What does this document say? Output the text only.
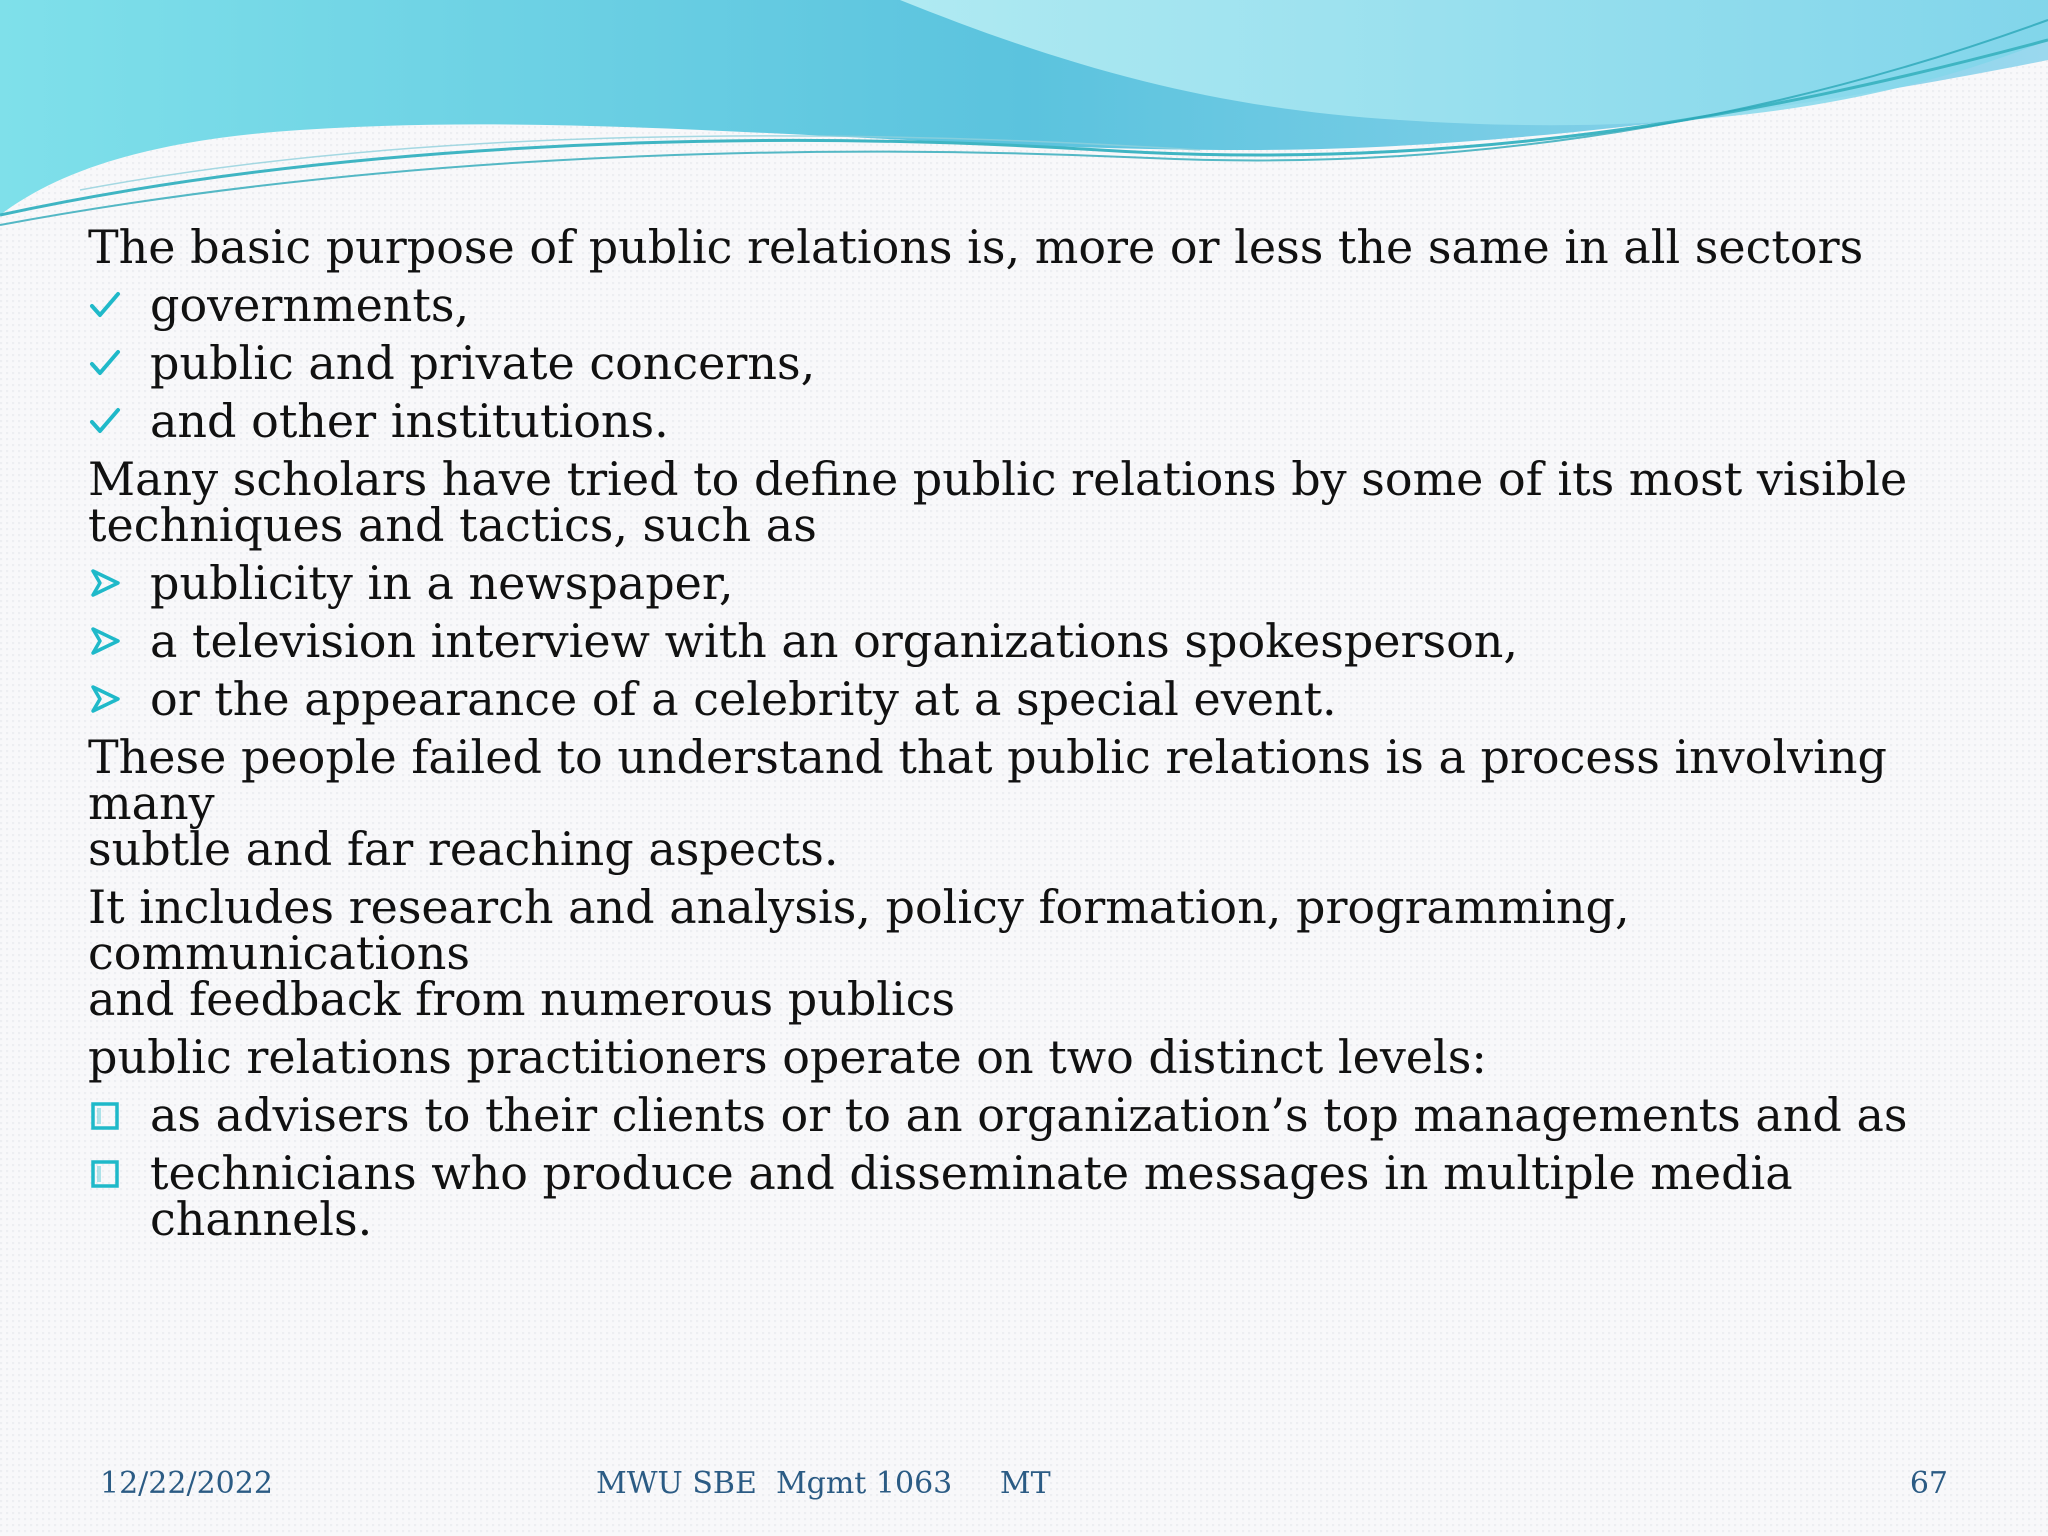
The basic purpose of public relations is, more or less the same in all sectors
governments,
public and private concerns,
and other institutions.
Many scholars have tried to define public relations by some of its most visible
techniques and tactics, such as
publicity in a newspaper,
a television interview with an organizations spokesperson,
or the appearance of a celebrity at a special event.
These people failed to understand that public relations is a process involving many
subtle and far reaching aspects.
It includes research and analysis, policy formation, programming, communications
and feedback from numerous publics
public relations practitioners operate on two distinct levels:
as advisers to their clients or to an organization’s top managements and as
technicians who produce and disseminate messages in multiple media channels.
12/22/2022	MWU SBE  Mgmt 1063     MT	67
